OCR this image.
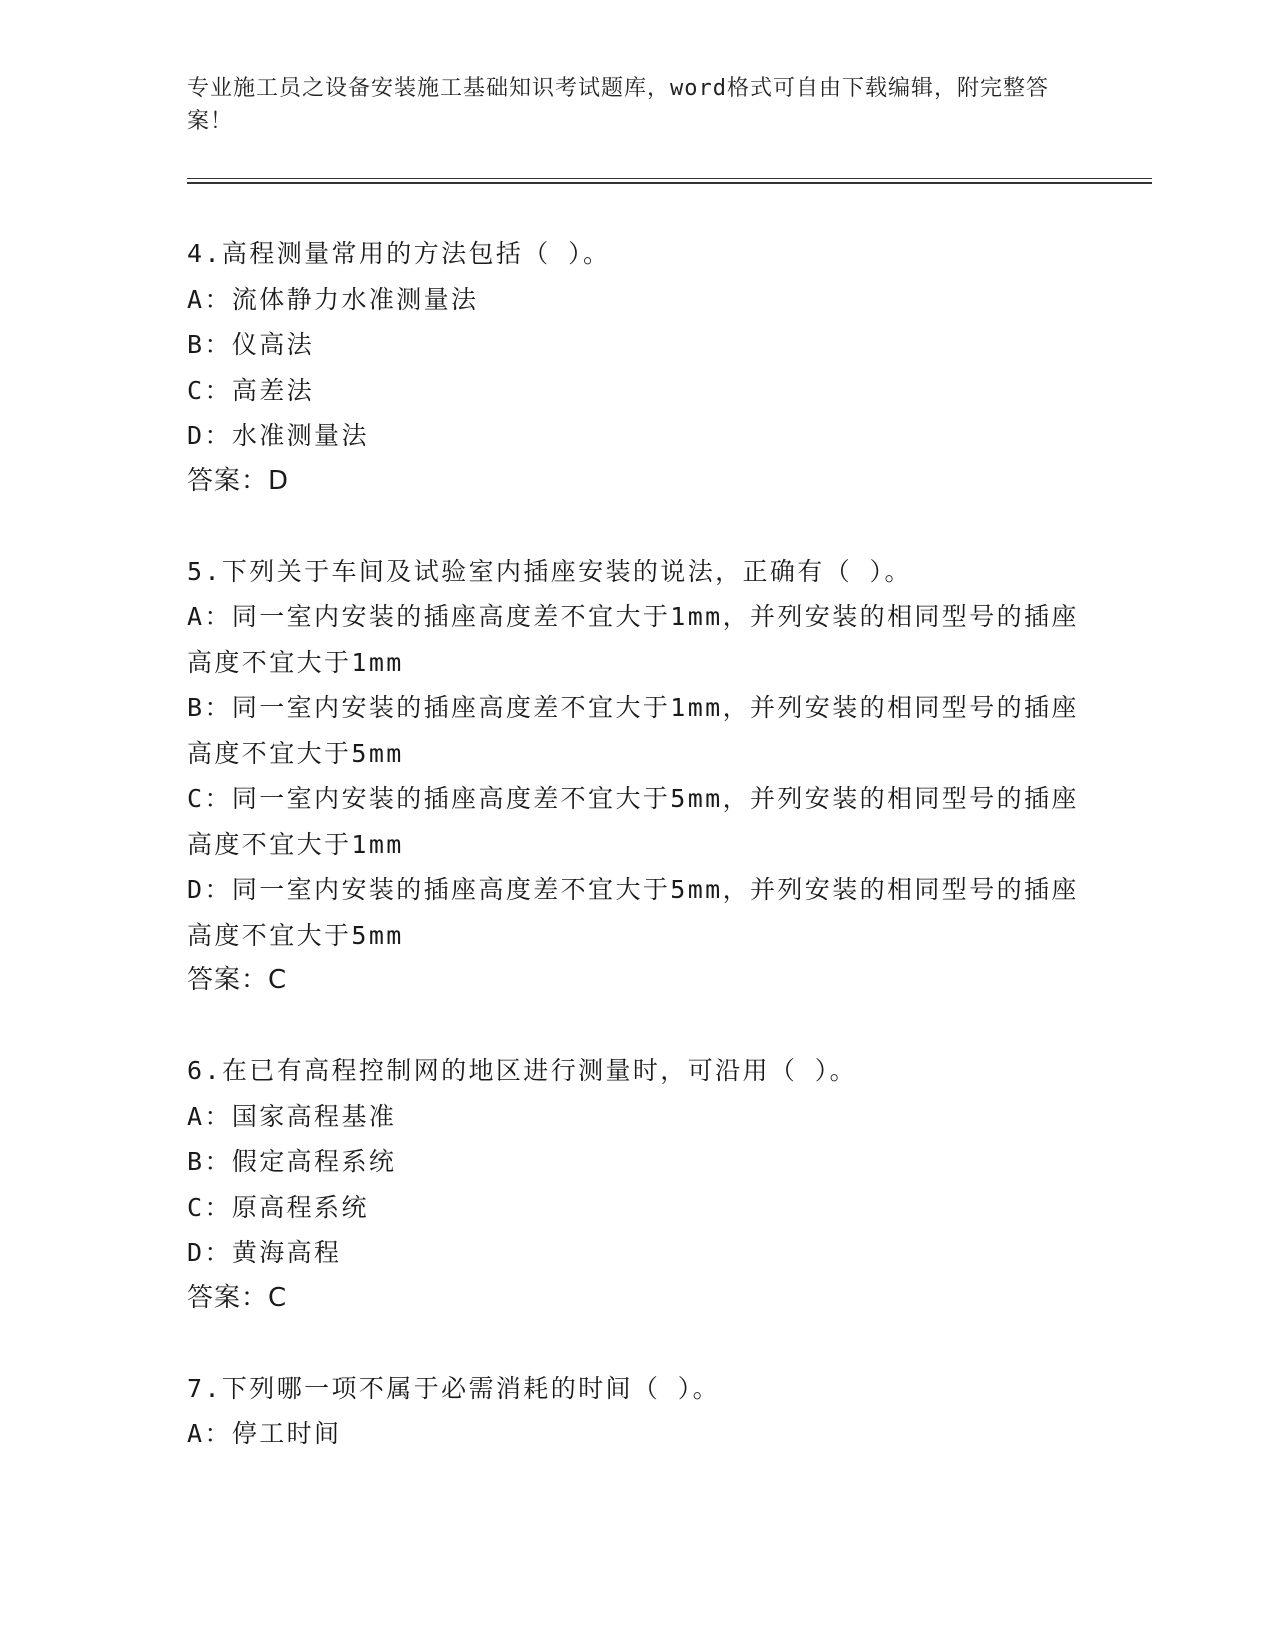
专业施工员之设备安装施工基础知识考试题库，word格式可自由下载编辑，附完整答案！
4.高程测量常用的方法包括（ ）。
A：流体静力水准测量法
B：仪高法
C：高差法
D：水准测量法
答案：D
5.下列关于车间及试验室内插座安装的说法，正确有（ ）。
A：同一室内安装的插座高度差不宜大于1mm，并列安装的相同型号的插座高度不宜大于1mm
B：同一室内安装的插座高度差不宜大于1mm，并列安装的相同型号的插座高度不宜大于5mm
C：同一室内安装的插座高度差不宜大于5mm，并列安装的相同型号的插座高度不宜大于1mm
D：同一室内安装的插座高度差不宜大于5mm，并列安装的相同型号的插座高度不宜大于5mm
答案：C
6.在已有高程控制网的地区进行测量时，可沿用（ ）。
A：国家高程基准
B：假定高程系统
C：原高程系统
D：黄海高程
答案：C
7.下列哪一项不属于必需消耗的时间（ ）。
A：停工时间
